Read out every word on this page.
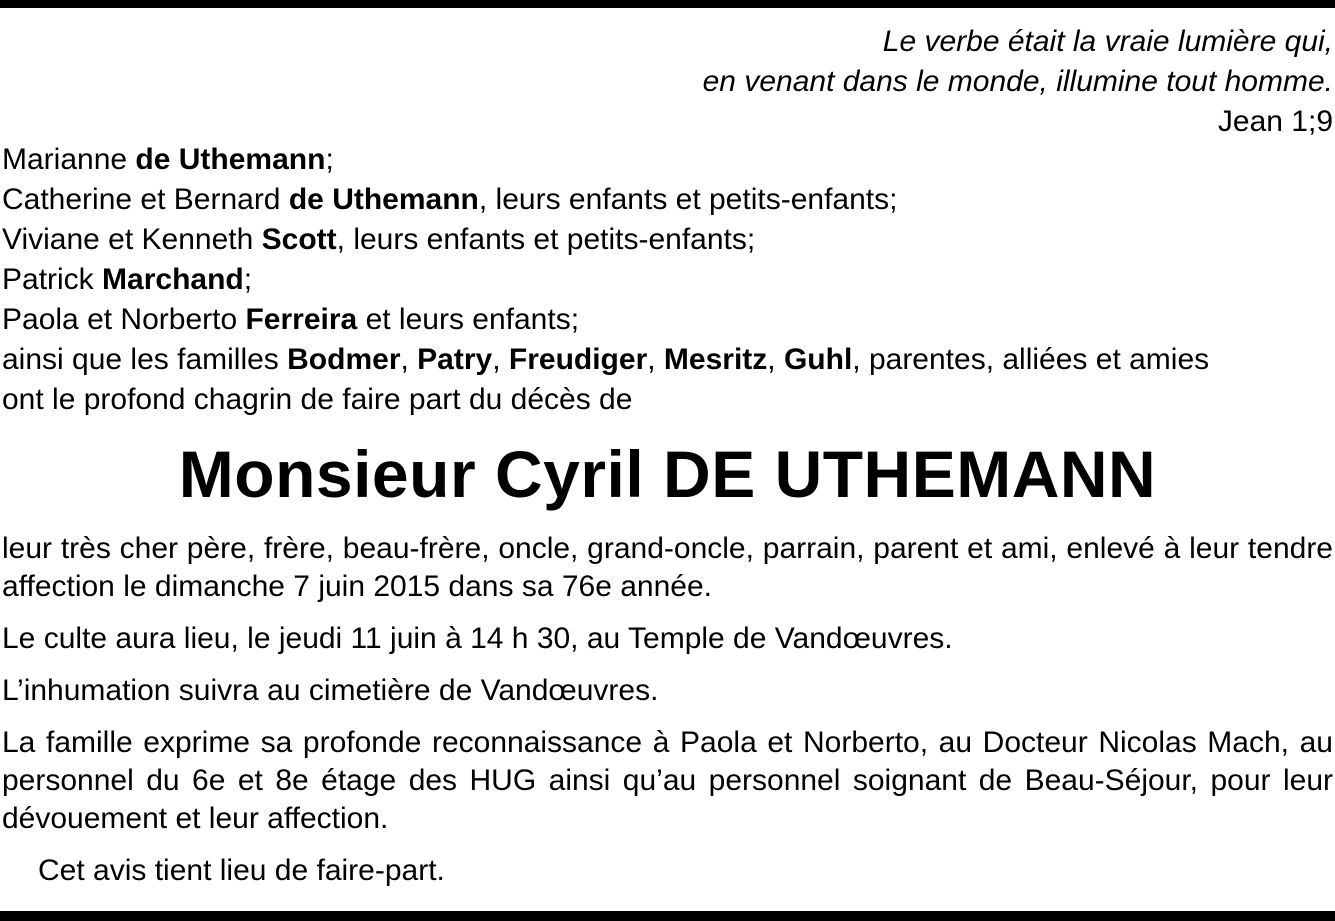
Le verbe était la vraie lumière qui,
en venant dans le monde, illumine tout homme.
Jean 1;9
Marianne de Uthemann;
Catherine et Bernard de Uthemann, leurs enfants et petits-enfants;
Viviane et Kenneth Scott, leurs enfants et petits-enfants;
Patrick Marchand;
Paola et Norberto Ferreira et leurs enfants;
ainsi que les familles Bodmer, Patry, Freudiger, Mesritz, Guhl, parentes, alliées et amies
ont le profond chagrin de faire part du décès de
Monsieur Cyril DE UTHEMANN

leur très cher père, frère, beau-frère, oncle, grand-oncle, parrain, parent et ami, enlevé à leur tendre affection le dimanche 7 juin 2015 dans sa 76e année.

Le culte aura lieu, le jeudi 11 juin à 14 h 30, au Temple de Vandœuvres.

L’inhumation suivra au cimetière de Vandœuvres.

La famille exprime sa profonde reconnaissance à Paola et Norberto, au Docteur Nicolas Mach, au personnel du 6e et 8e étage des HUG ainsi qu’au personnel soignant de Beau-Séjour, pour leur dévouement et leur affection.

Cet avis tient lieu de faire-part.
